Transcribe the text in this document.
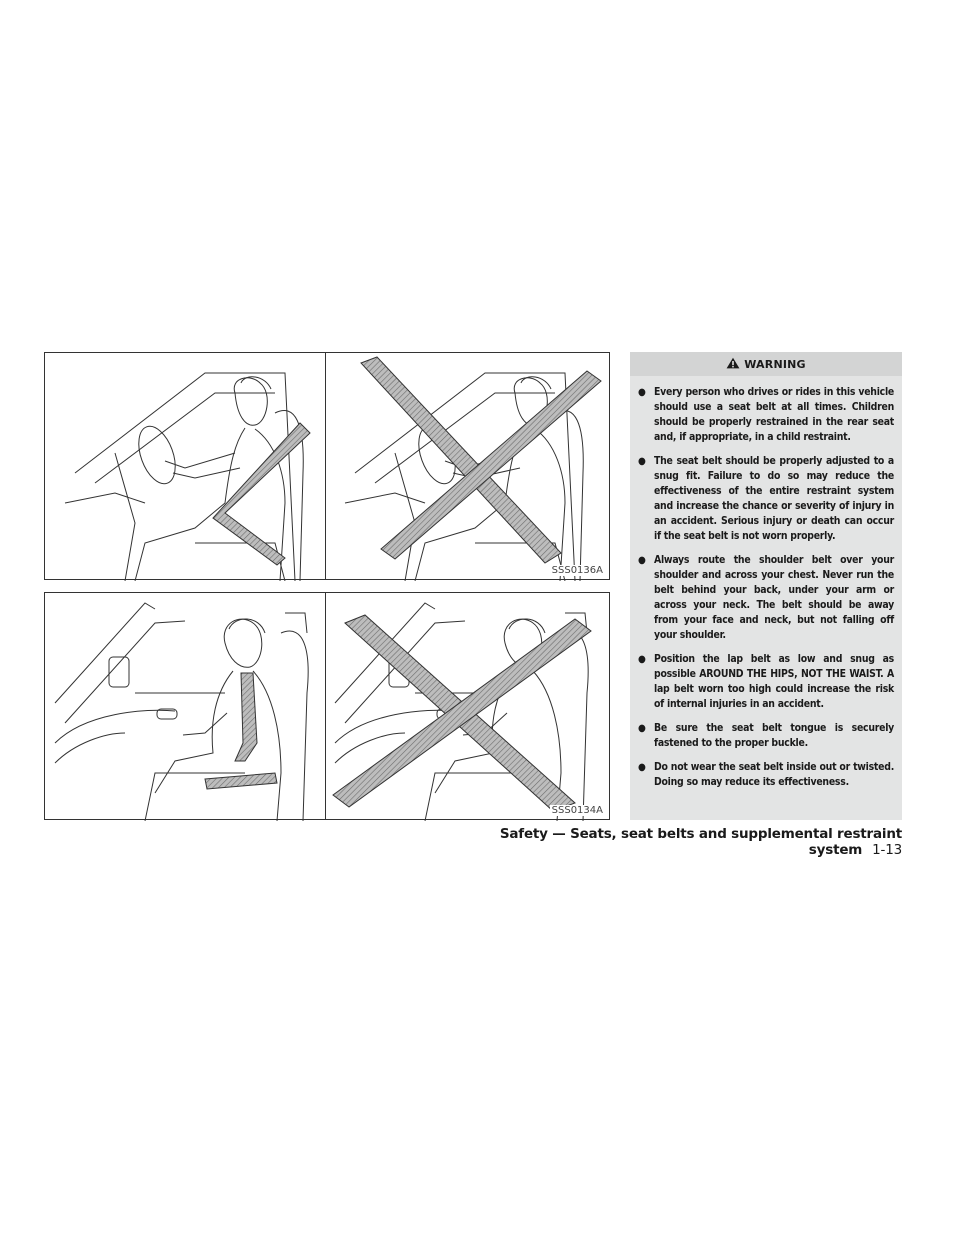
SSS0136A
SSS0134A
WARNING
● Every person who drives or rides in this vehicle should use a seat belt at all times. Children should be properly restrained in the rear seat and, if appropriate, in a child restraint.
● The seat belt should be properly adjusted to a snug fit. Failure to do so may reduce the effectiveness of the entire restraint system and increase the chance or severity of injury in an accident. Serious injury or death can occur if the seat belt is not worn properly.
● Always route the shoulder belt over your shoulder and across your chest. Never run the belt behind your back, under your arm or across your neck. The belt should be away from your face and neck, but not falling off your shoulder.
● Position the lap belt as low and snug as possible AROUND THE HIPS, NOT THE WAIST. A lap belt worn too high could increase the risk of internal injuries in an accident.
● Be sure the seat belt tongue is securely fastened to the proper buckle.
● Do not wear the seat belt inside out or twisted. Doing so may reduce its effectiveness.
Safety — Seats, seat belts and supplemental restraint system 1-13
